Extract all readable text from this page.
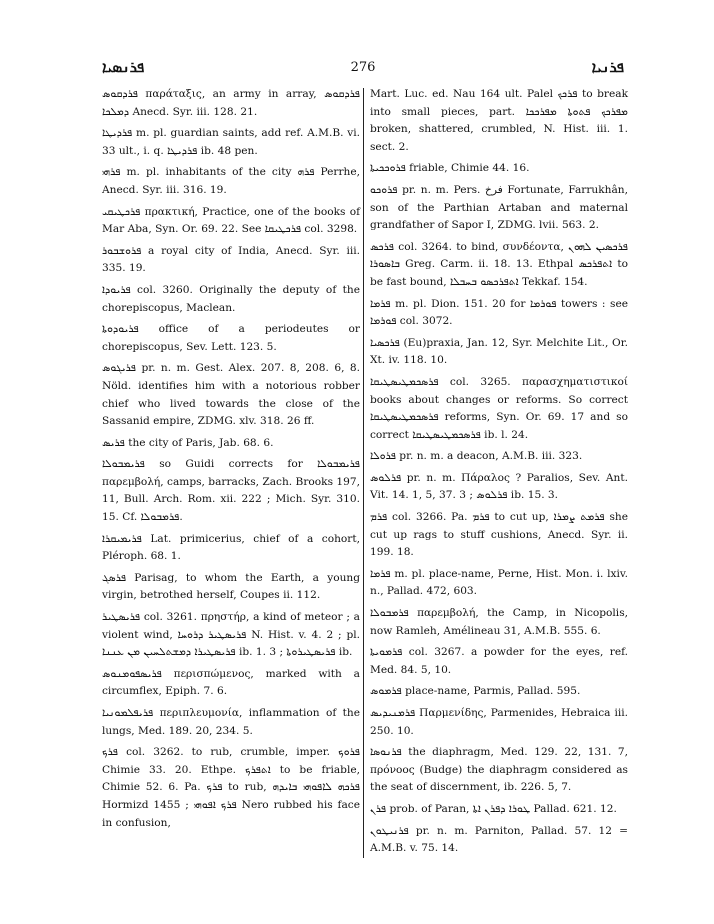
ܦܪܢܣܝܐ	276	ܦܪܢܝܐ

ܦܪܕܩܘܣ παράταξις, an army in array, ܦܪܕܩܘܣ ܕܡܠܟܐ Anecd. Syr. iii. 128. 21.

ܦܪܕܝܛܐ m. pl. guardian saints, add ref. A.M.B. vi. 33 ult., i. q. ܦܪܕܝܛܐ ib. 48 pen.

ܦܪܗܝ m. pl. inhabitants of the city ܦܪܗ Perrhe, Anecd. Syr. iii. 316. 19.

ܦܪܟܛܝܩܝ πρακτική, Practice, one of the books of Mar Aba, Syn. Or. 69. 22. See ܦܪܟܛܝܩܐ col. 3298.

ܦܪܘܫܒܘܪ a royal city of India, Anecd. Syr. iii. 335. 19.

ܦܪܝܘܕܐ col. 3260. Originally the deputy of the chorepiscopus, Maclean.

ܦܪܝܘܕܘܬܐ office of a periodeutes or chorepiscopus, Sev. Lett. 123. 5.

ܦܪܝܓܘܣ pr. n. m. Gest. Alex. 207. 8, 208. 6, 8. Nöld. identifies him with a notorious robber chief who lived towards the close of the Sassanid empire, ZDMG. xlv. 318. 26 ff.

ܦܪܝܣ the city of Paris, Jab. 68. 6.

ܦܪܝܡܒܘܠܐ so Guidi corrects for ܦܪܝܡܒܘܠܐ παρεμβολή, camps, barracks, Zach. Brooks 197, 11, Bull. Arch. Rom. xii. 222 ; Mich. Syr. 310. 15. Cf. ܦܪܡܒܘܠܐ.

ܦܪܝܡܝܩܪܐ Lat. primicerius, chief of a cohort, Pléroph. 68. 1.

ܦܪܣܓ Parisag, to whom the Earth, a young virgin, betrothed herself, Coupes ii. 112.

ܦܪܝܣܛܝܪ col. 3261. πρηστήρ, a kind of meteor ; a violent wind, ܦܪܝܣܛܝܪ ܕܪܘܚܐ N. Hist. v. 4. 2 ; pl. ܦܪܝܣܛܝܪܐ ܕܡܫܬܠܚܝܢ ܡܢ ܥܢܢܐ ib. 1. 3 ; ܦܪܝܣܛܝܪܘܬܐ ib.

ܦܪܝܣܦܘܡܢܘܣ περισπώμενος, marked with a circumflex, Epiph. 7. 6.

ܦܪܝܦܠܡܘܢܝܐ περιπλευμονία, inflammation of the lungs, Med. 189. 20, 234. 5.

ܦܪܟ col. 3262. to rub, crumble, imper. ܦܪܘܟ Chimie 33. 20. Ethpe. ܐܬܦܪܟ to be friable, Chimie 52. 6. Pa. ܦܪܟ to rub, ܦܪܟܗ ܠܐܦܘܗܝ ܒܐܝܕܗ Hormizd 1455 ; ܦܪܟ ܐܦܘܗܝ Nero rubbed his face in confusion,

Mart. Luc. ed. Nau 164 ult. Palel ܦܪܟܟ to break into small pieces, part. ܡܦܪܟܟ ܦܬܘܬܐ ܡܦܪܟܟܐ broken, shattered, crumbled, N. Hist. iii. 1. sect. 2.

ܦܪܘܟܟܝܬܐ friable, Chimie 44. 16.

ܦܪܘܟܘ pr. n. m. Pers. فرخ Fortunate, Farrukhân, son of the Parthian Artaban and maternal grandfather of Sapor I, ZDMG. lvii. 563. 2.

ܦܪܟܣ col. 3264. to bind, συνδέοντα, ܦܪܟܣܝܢ ܠܗܘܢ ܒܐܣܘܪܐ Greg. Carm. ii. 18. 13. Ethpal ܐܬܦܪܟܣ to be fast bound, ܐܬܦܪܟܣܘ ܒܚܒܠܐ Tekkaf. 154.

ܦܪܡܐ m. pl. Dion. 151. 20 for ܦܘܪܡܐ towers : see ܦܘܪܡܐ col. 3072.

ܦܪܟܣܝܐ (Eu)praxia, Jan. 12, Syr. Melchite Lit., Or. Xt. iv. 118. 10.

ܦܪܣܟܡܛܝܣܛܝܩܐ col. 3265. παρασχηματιστικοί books about changes or reforms. So correct ܦܪܣܟܡܛܝܣܛܝܩܐ reforms, Syn. Or. 69. 17 and so correct ܦܪܣܟܡܛܝܣܛܝܩܐ ib. l. 24.

ܦܪܘܠܐ pr. n. m. a deacon, A.M.B. iii. 323.

ܦܪܠܘܣ pr. n. m. Πάραλος ? Paralios, Sev. Ant. Vit. 14. 1, 5, 37. 3 ; ܦܪܠܘܣ ib. 15. 3.

ܦܪܡ col. 3266. Pa. ܦܪܡ to cut up, ܦܪܡܬ ܨܡܪܐ she cut up rags to stuff cushions, Anecd. Syr. ii. 199. 18.

ܦܪܡܐ m. pl. place-name, Perne, Hist. Mon. i. lxiv. n., Pallad. 472, 603.

ܦܪܡܒܘܠܐ παρεμβολή, the Camp, in Nicopolis, now Ramleh, Amélineau 31, A.M.B. 555. 6.

ܦܪܡܘܝܬܐ col. 3267. a powder for the eyes, ref. Med. 84. 5, 10.

ܦܪܡܘܣ place-name, Parmis, Pallad. 595.

ܦܪܡܢܝܕܝܣ Παρμενίδης, Parmenides, Hebraica iii. 250. 10.

ܦܪܢܘܣܐ the diaphragm, Med. 129. 22, 131. 7, πρόνοος (Budge) the diaphragm considered as the seat of discernment, ib. 226. 5, 7.

ܦܪܢ prob. of Paran, ܛܘܪܐ ܕܦܪܢ ܐܬܐ Pallad. 621. 12.

ܦܪܢܝܛܘܢ pr. n. m. Parniton, Pallad. 57. 12 = A.M.B. v. 75. 14.
